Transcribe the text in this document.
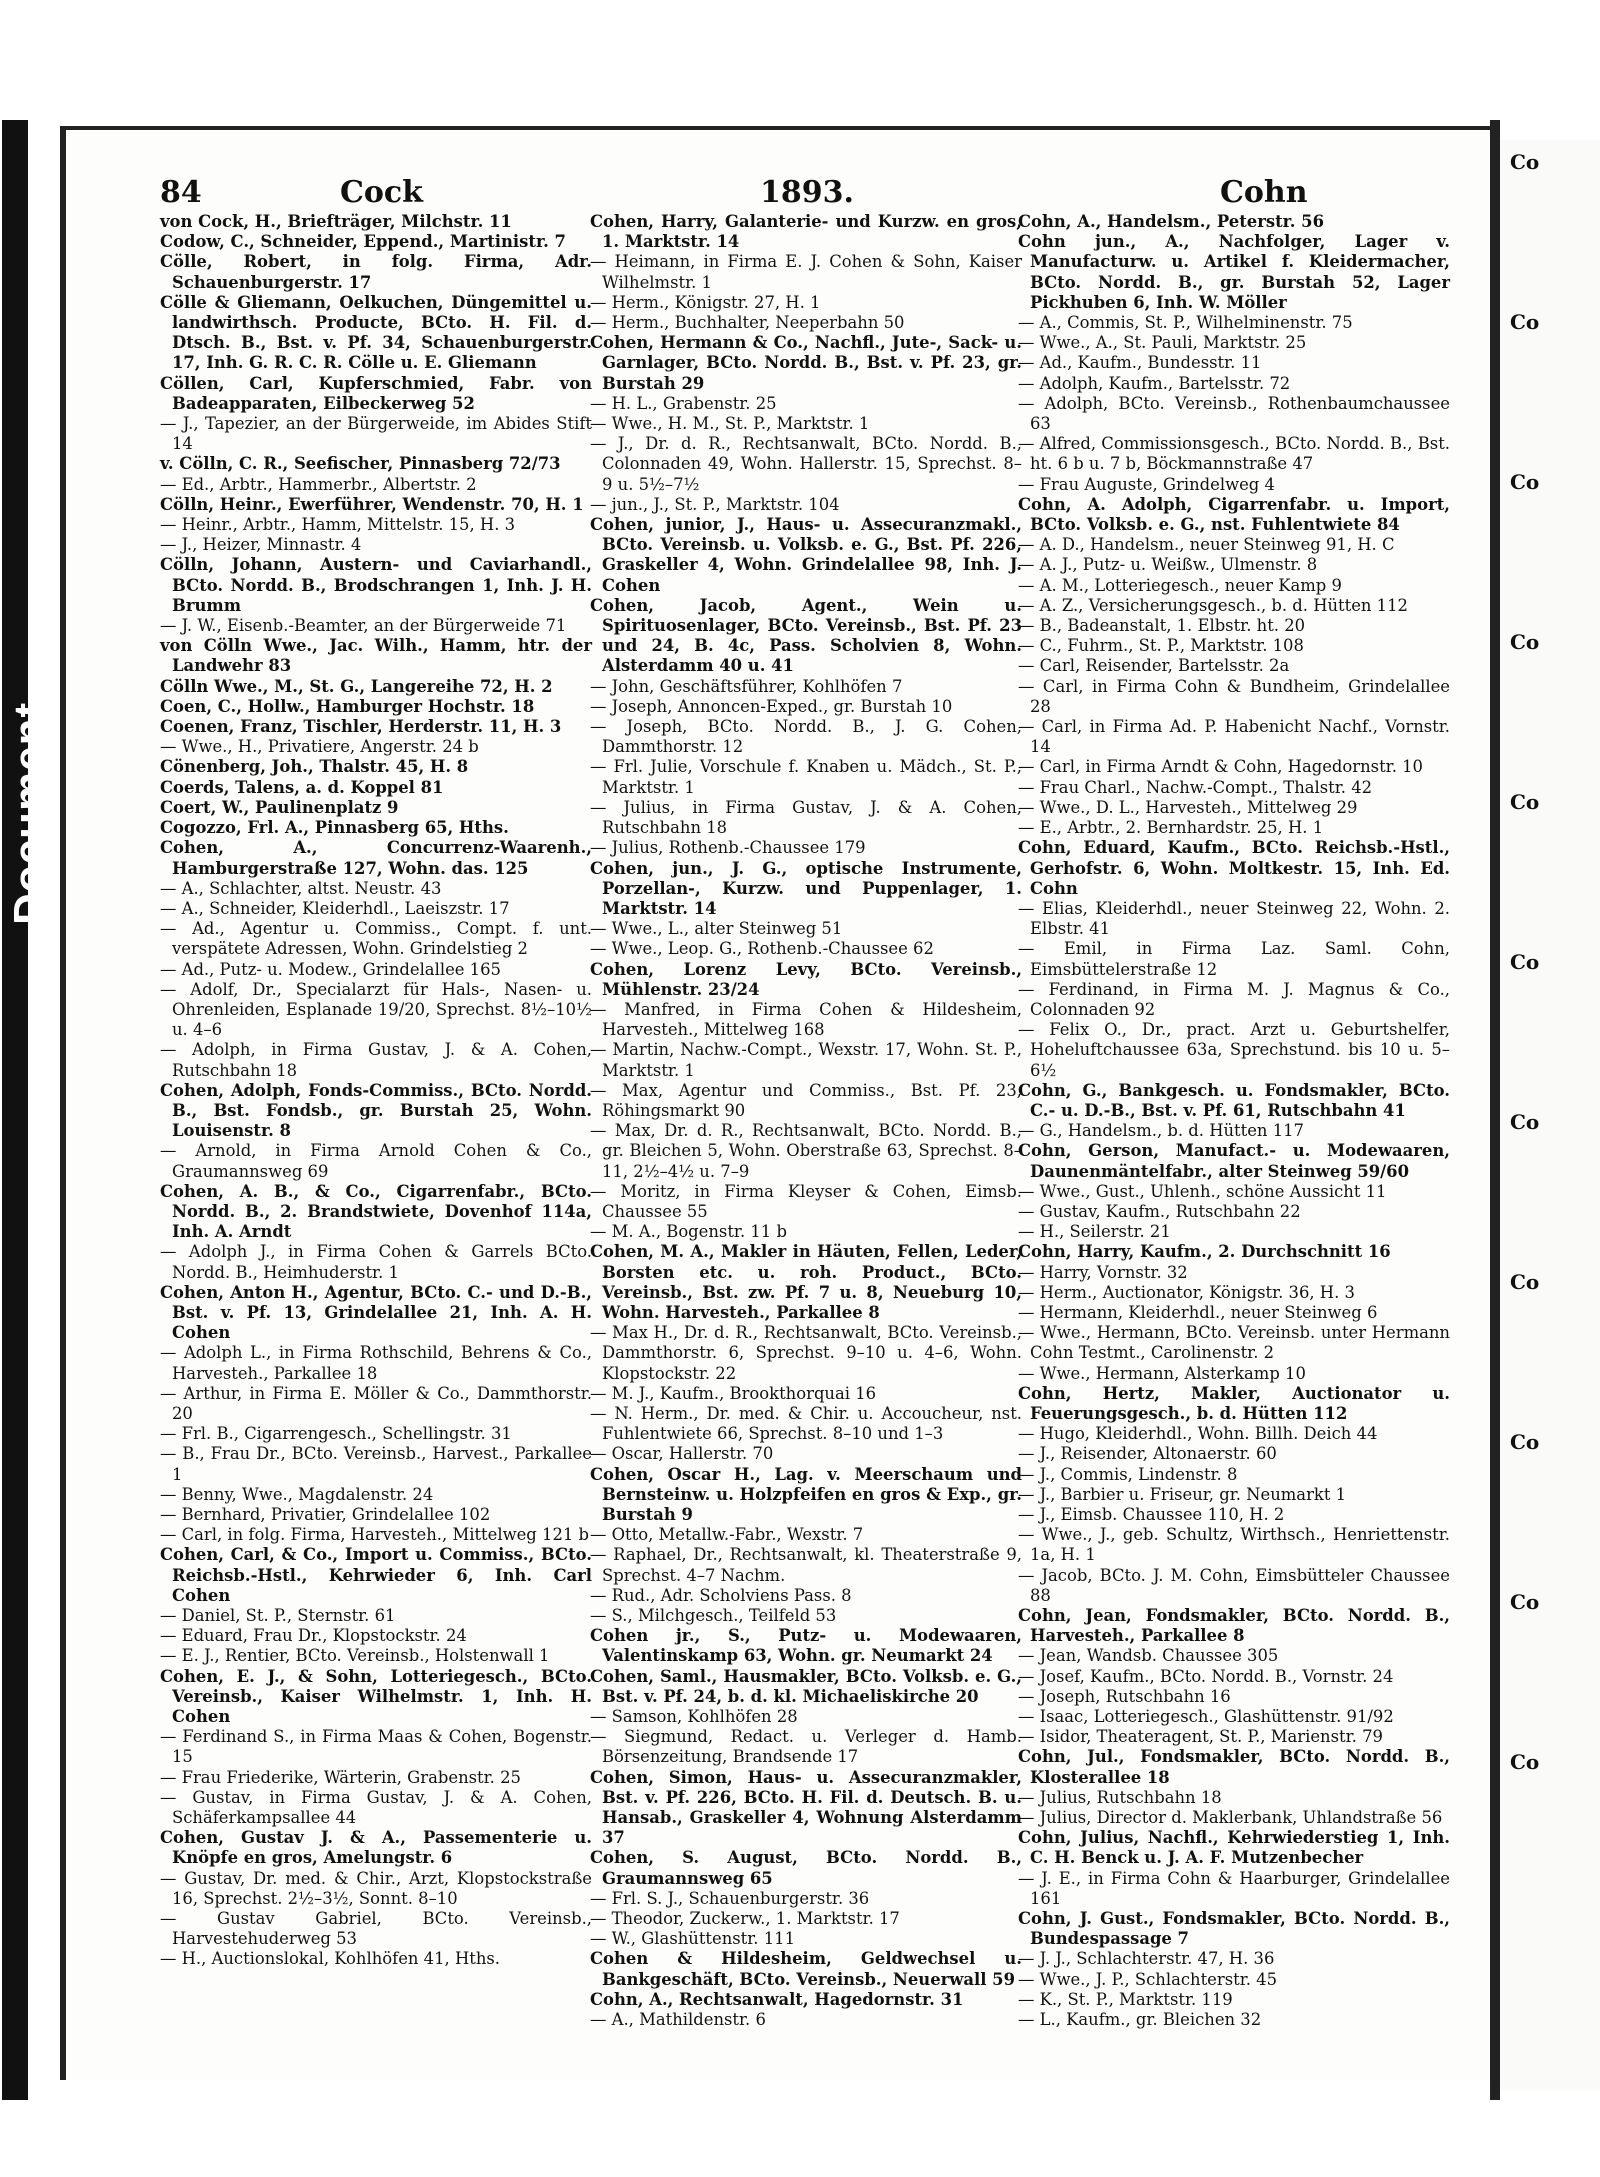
Document
Co
Co
Co
Co
Co
Co
Co
Co
Co
Co
Co
84	Cock	1893.	Cohn

von Cock, H., Briefträger, Milchstr. 11

Codow, C., Schneider, Eppend., Martinistr. 7

Cölle, Robert, in folg. Firma, Adr. Schauenburgerstr. 17

Cölle & Gliemann, Oelkuchen, Düngemittel u. landwirthsch. Producte, BCto. H. Fil. d. Dtsch. B., Bst. v. Pf. 34, Schauenburgerstr. 17, Inh. G. R. C. R. Cölle u. E. Gliemann

Cöllen, Carl, Kupferschmied, Fabr. von Badeapparaten, Eilbeckerweg 52

— J., Tapezier, an der Bürgerweide, im Abides Stift 14

v. Cölln, C. R., Seefischer, Pinnasberg 72/73

— Ed., Arbtr., Hammerbr., Albertstr. 2

Cölln, Heinr., Ewerführer, Wendenstr. 70, H. 1

— Heinr., Arbtr., Hamm, Mittelstr. 15, H. 3

— J., Heizer, Minnastr. 4

Cölln, Johann, Austern- und Caviarhandl., BCto. Nordd. B., Brodschrangen 1, Inh. J. H. Brumm

— J. W., Eisenb.-Beamter, an der Bürgerweide 71

von Cölln Wwe., Jac. Wilh., Hamm, htr. der Landwehr 83

Cölln Wwe., M., St. G., Langereihe 72, H. 2

Coen, C., Hollw., Hamburger Hochstr. 18

Coenen, Franz, Tischler, Herderstr. 11, H. 3

— Wwe., H., Privatiere, Angerstr. 24 b

Cönenberg, Joh., Thalstr. 45, H. 8

Coerds, Talens, a. d. Koppel 81

Coert, W., Paulinenplatz 9

Cogozzo, Frl. A., Pinnasberg 65, Hths.

Cohen, A., Concurrenz-Waarenh., Hamburgerstraße 127, Wohn. das. 125

— A., Schlachter, altst. Neustr. 43

— A., Schneider, Kleiderhdl., Laeiszstr. 17

— Ad., Agentur u. Commiss., Compt. f. unt. verspätete Adressen, Wohn. Grindelstieg 2

— Ad., Putz- u. Modew., Grindelallee 165

— Adolf, Dr., Specialarzt für Hals-, Nasen- u. Ohrenleiden, Esplanade 19/20, Sprechst. 8½–10½ u. 4–6

— Adolph, in Firma Gustav, J. & A. Cohen, Rutschbahn 18

Cohen, Adolph, Fonds-Commiss., BCto. Nordd. B., Bst. Fondsb., gr. Burstah 25, Wohn. Louisenstr. 8

— Arnold, in Firma Arnold Cohen & Co., Graumannsweg 69

Cohen, A. B., & Co., Cigarrenfabr., BCto. Nordd. B., 2. Brandstwiete, Dovenhof 114a, Inh. A. Arndt

— Adolph J., in Firma Cohen & Garrels BCto. Nordd. B., Heimhuderstr. 1

Cohen, Anton H., Agentur, BCto. C.- und D.-B., Bst. v. Pf. 13, Grindelallee 21, Inh. A. H. Cohen

— Adolph L., in Firma Rothschild, Behrens & Co., Harvesteh., Parkallee 18

— Arthur, in Firma E. Möller & Co., Dammthorstr. 20

— Frl. B., Cigarrengesch., Schellingstr. 31

— B., Frau Dr., BCto. Vereinsb., Harvest., Parkallee 1

— Benny, Wwe., Magdalenstr. 24

— Bernhard, Privatier, Grindelallee 102

— Carl, in folg. Firma, Harvesteh., Mittelweg 121 b

Cohen, Carl, & Co., Import u. Commiss., BCto. Reichsb.-Hstl., Kehrwieder 6, Inh. Carl Cohen

— Daniel, St. P., Sternstr. 61

— Eduard, Frau Dr., Klopstockstr. 24

— E. J., Rentier, BCto. Vereinsb., Holstenwall 1

Cohen, E. J., & Sohn, Lotteriegesch., BCto. Vereinsb., Kaiser Wilhelmstr. 1, Inh. H. Cohen

— Ferdinand S., in Firma Maas & Cohen, Bogenstr. 15

— Frau Friederike, Wärterin, Grabenstr. 25

— Gustav, in Firma Gustav, J. & A. Cohen, Schäferkampsallee 44

Cohen, Gustav J. & A., Passementerie u. Knöpfe en gros, Amelungstr. 6

— Gustav, Dr. med. & Chir., Arzt, Klopstockstraße 16, Sprechst. 2½–3½, Sonnt. 8–10

— Gustav Gabriel, BCto. Vereinsb., Harvestehuderweg 53

— H., Auctionslokal, Kohlhöfen 41, Hths.

Cohen, Harry, Galanterie- und Kurzw. en gros, 1. Marktstr. 14

— Heimann, in Firma E. J. Cohen & Sohn, Kaiser Wilhelmstr. 1

— Herm., Königstr. 27, H. 1

— Herm., Buchhalter, Neeperbahn 50

Cohen, Hermann & Co., Nachfl., Jute-, Sack- u. Garnlager, BCto. Nordd. B., Bst. v. Pf. 23, gr. Burstah 29

— H. L., Grabenstr. 25

— Wwe., H. M., St. P., Marktstr. 1

— J., Dr. d. R., Rechtsanwalt, BCto. Nordd. B., Colonnaden 49, Wohn. Hallerstr. 15, Sprechst. 8–9 u. 5½–7½

— jun., J., St. P., Marktstr. 104

Cohen, junior, J., Haus- u. Assecuranzmakl., BCto. Vereinsb. u. Volksb. e. G., Bst. Pf. 226, Graskeller 4, Wohn. Grindelallee 98, Inh. J. Cohen

Cohen, Jacob, Agent., Wein u. Spirituosenlager, BCto. Vereinsb., Bst. Pf. 23 und 24, B. 4c, Pass. Scholvien 8, Wohn. Alsterdamm 40 u. 41

— John, Geschäftsführer, Kohlhöfen 7

— Joseph, Annoncen-Exped., gr. Burstah 10

— Joseph, BCto. Nordd. B., J. G. Cohen, Dammthorstr. 12

— Frl. Julie, Vorschule f. Knaben u. Mädch., St. P., Marktstr. 1

— Julius, in Firma Gustav, J. & A. Cohen, Rutschbahn 18

— Julius, Rothenb.-Chaussee 179

Cohen, jun., J. G., optische Instrumente, Porzellan-, Kurzw. und Puppenlager, 1. Marktstr. 14

— Wwe., L., alter Steinweg 51

— Wwe., Leop. G., Rothenb.-Chaussee 62

Cohen, Lorenz Levy, BCto. Vereinsb., Mühlenstr. 23/24

— Manfred, in Firma Cohen & Hildesheim, Harvesteh., Mittelweg 168

— Martin, Nachw.-Compt., Wexstr. 17, Wohn. St. P., Marktstr. 1

— Max, Agentur und Commiss., Bst. Pf. 23, Röhingsmarkt 90

— Max, Dr. d. R., Rechtsanwalt, BCto. Nordd. B., gr. Bleichen 5, Wohn. Oberstraße 63, Sprechst. 8–11, 2½–4½ u. 7–9

— Moritz, in Firma Kleyser & Cohen, Eimsb. Chaussee 55

— M. A., Bogenstr. 11 b

Cohen, M. A., Makler in Häuten, Fellen, Leder, Borsten etc. u. roh. Product., BCto. Vereinsb., Bst. zw. Pf. 7 u. 8, Neueburg 10, Wohn. Harvesteh., Parkallee 8

— Max H., Dr. d. R., Rechtsanwalt, BCto. Vereinsb., Dammthorstr. 6, Sprechst. 9–10 u. 4–6, Wohn. Klopstockstr. 22

— M. J., Kaufm., Brookthorquai 16

— N. Herm., Dr. med. & Chir. u. Accoucheur, nst. Fuhlentwiete 66, Sprechst. 8–10 und 1–3

— Oscar, Hallerstr. 70

Cohen, Oscar H., Lag. v. Meerschaum und Bernsteinw. u. Holzpfeifen en gros & Exp., gr. Burstah 9

— Otto, Metallw.-Fabr., Wexstr. 7

— Raphael, Dr., Rechtsanwalt, kl. Theaterstraße 9, Sprechst. 4–7 Nachm.

— Rud., Adr. Scholviens Pass. 8

— S., Milchgesch., Teilfeld 53

Cohen jr., S., Putz- u. Modewaaren, Valentinskamp 63, Wohn. gr. Neumarkt 24

Cohen, Saml., Hausmakler, BCto. Volksb. e. G., Bst. v. Pf. 24, b. d. kl. Michaeliskirche 20

— Samson, Kohlhöfen 28

— Siegmund, Redact. u. Verleger d. Hamb. Börsenzeitung, Brandsende 17

Cohen, Simon, Haus- u. Assecuranzmakler, Bst. v. Pf. 226, BCto. H. Fil. d. Deutsch. B. u. Hansab., Graskeller 4, Wohnung Alsterdamm 37

Cohen, S. August, BCto. Nordd. B., Graumannsweg 65

— Frl. S. J., Schauenburgerstr. 36

— Theodor, Zuckerw., 1. Marktstr. 17

— W., Glashüttenstr. 111

Cohen & Hildesheim, Geldwechsel u. Bankgeschäft, BCto. Vereinsb., Neuerwall 59

Cohn, A., Rechtsanwalt, Hagedornstr. 31

— A., Mathildenstr. 6

Cohn, A., Handelsm., Peterstr. 56

Cohn jun., A., Nachfolger, Lager v. Manufacturw. u. Artikel f. Kleidermacher, BCto. Nordd. B., gr. Burstah 52, Lager Pickhuben 6, Inh. W. Möller

— A., Commis, St. P., Wilhelminenstr. 75

— Wwe., A., St. Pauli, Marktstr. 25

— Ad., Kaufm., Bundesstr. 11

— Adolph, Kaufm., Bartelsstr. 72

— Adolph, BCto. Vereinsb., Rothenbaumchaussee 63

— Alfred, Commissionsgesch., BCto. Nordd. B., Bst. ht. 6 b u. 7 b, Böckmannstraße 47

— Frau Auguste, Grindelweg 4

Cohn, A. Adolph, Cigarrenfabr. u. Import, BCto. Volksb. e. G., nst. Fuhlentwiete 84

— A. D., Handelsm., neuer Steinweg 91, H. C

— A. J., Putz- u. Weißw., Ulmenstr. 8

— A. M., Lotteriegesch., neuer Kamp 9

— A. Z., Versicherungsgesch., b. d. Hütten 112

— B., Badeanstalt, 1. Elbstr. ht. 20

— C., Fuhrm., St. P., Marktstr. 108

— Carl, Reisender, Bartelsstr. 2a

— Carl, in Firma Cohn & Bundheim, Grindelallee 28

— Carl, in Firma Ad. P. Habenicht Nachf., Vornstr. 14

— Carl, in Firma Arndt & Cohn, Hagedornstr. 10

— Frau Charl., Nachw.-Compt., Thalstr. 42

— Wwe., D. L., Harvesteh., Mittelweg 29

— E., Arbtr., 2. Bernhardstr. 25, H. 1

Cohn, Eduard, Kaufm., BCto. Reichsb.-Hstl., Gerhofstr. 6, Wohn. Moltkestr. 15, Inh. Ed. Cohn

— Elias, Kleiderhdl., neuer Steinweg 22, Wohn. 2. Elbstr. 41

— Emil, in Firma Laz. Saml. Cohn, Eimsbüttelerstraße 12

— Ferdinand, in Firma M. J. Magnus & Co., Colonnaden 92

— Felix O., Dr., pract. Arzt u. Geburtshelfer, Hoheluftchaussee 63a, Sprechstund. bis 10 u. 5–6½

Cohn, G., Bankgesch. u. Fondsmakler, BCto. C.- u. D.-B., Bst. v. Pf. 61, Rutschbahn 41

— G., Handelsm., b. d. Hütten 117

Cohn, Gerson, Manufact.- u. Modewaaren, Daunenmäntelfabr., alter Steinweg 59/60

— Wwe., Gust., Uhlenh., schöne Aussicht 11

— Gustav, Kaufm., Rutschbahn 22

— H., Seilerstr. 21

Cohn, Harry, Kaufm., 2. Durchschnitt 16

— Harry, Vornstr. 32

— Herm., Auctionator, Königstr. 36, H. 3

— Hermann, Kleiderhdl., neuer Steinweg 6

— Wwe., Hermann, BCto. Vereinsb. unter Hermann Cohn Testmt., Carolinenstr. 2

— Wwe., Hermann, Alsterkamp 10

Cohn, Hertz, Makler, Auctionator u. Feuerungsgesch., b. d. Hütten 112

— Hugo, Kleiderhdl., Wohn. Billh. Deich 44

— J., Reisender, Altonaerstr. 60

— J., Commis, Lindenstr. 8

— J., Barbier u. Friseur, gr. Neumarkt 1

— J., Eimsb. Chaussee 110, H. 2

— Wwe., J., geb. Schultz, Wirthsch., Henriettenstr. 1a, H. 1

— Jacob, BCto. J. M. Cohn, Eimsbütteler Chaussee 88

Cohn, Jean, Fondsmakler, BCto. Nordd. B., Harvesteh., Parkallee 8

— Jean, Wandsb. Chaussee 305

— Josef, Kaufm., BCto. Nordd. B., Vornstr. 24

— Joseph, Rutschbahn 16

— Isaac, Lotteriegesch., Glashüttenstr. 91/92

— Isidor, Theateragent, St. P., Marienstr. 79

Cohn, Jul., Fondsmakler, BCto. Nordd. B., Klosterallee 18

— Julius, Rutschbahn 18

— Julius, Director d. Maklerbank, Uhlandstraße 56

Cohn, Julius, Nachfl., Kehrwiederstieg 1, Inh. C. H. Benck u. J. A. F. Mutzenbecher

— J. E., in Firma Cohn & Haarburger, Grindelallee 161

Cohn, J. Gust., Fondsmakler, BCto. Nordd. B., Bundespassage 7

— J. J., Schlachterstr. 47, H. 36

— Wwe., J. P., Schlachterstr. 45

— K., St. P., Marktstr. 119

— L., Kaufm., gr. Bleichen 32
